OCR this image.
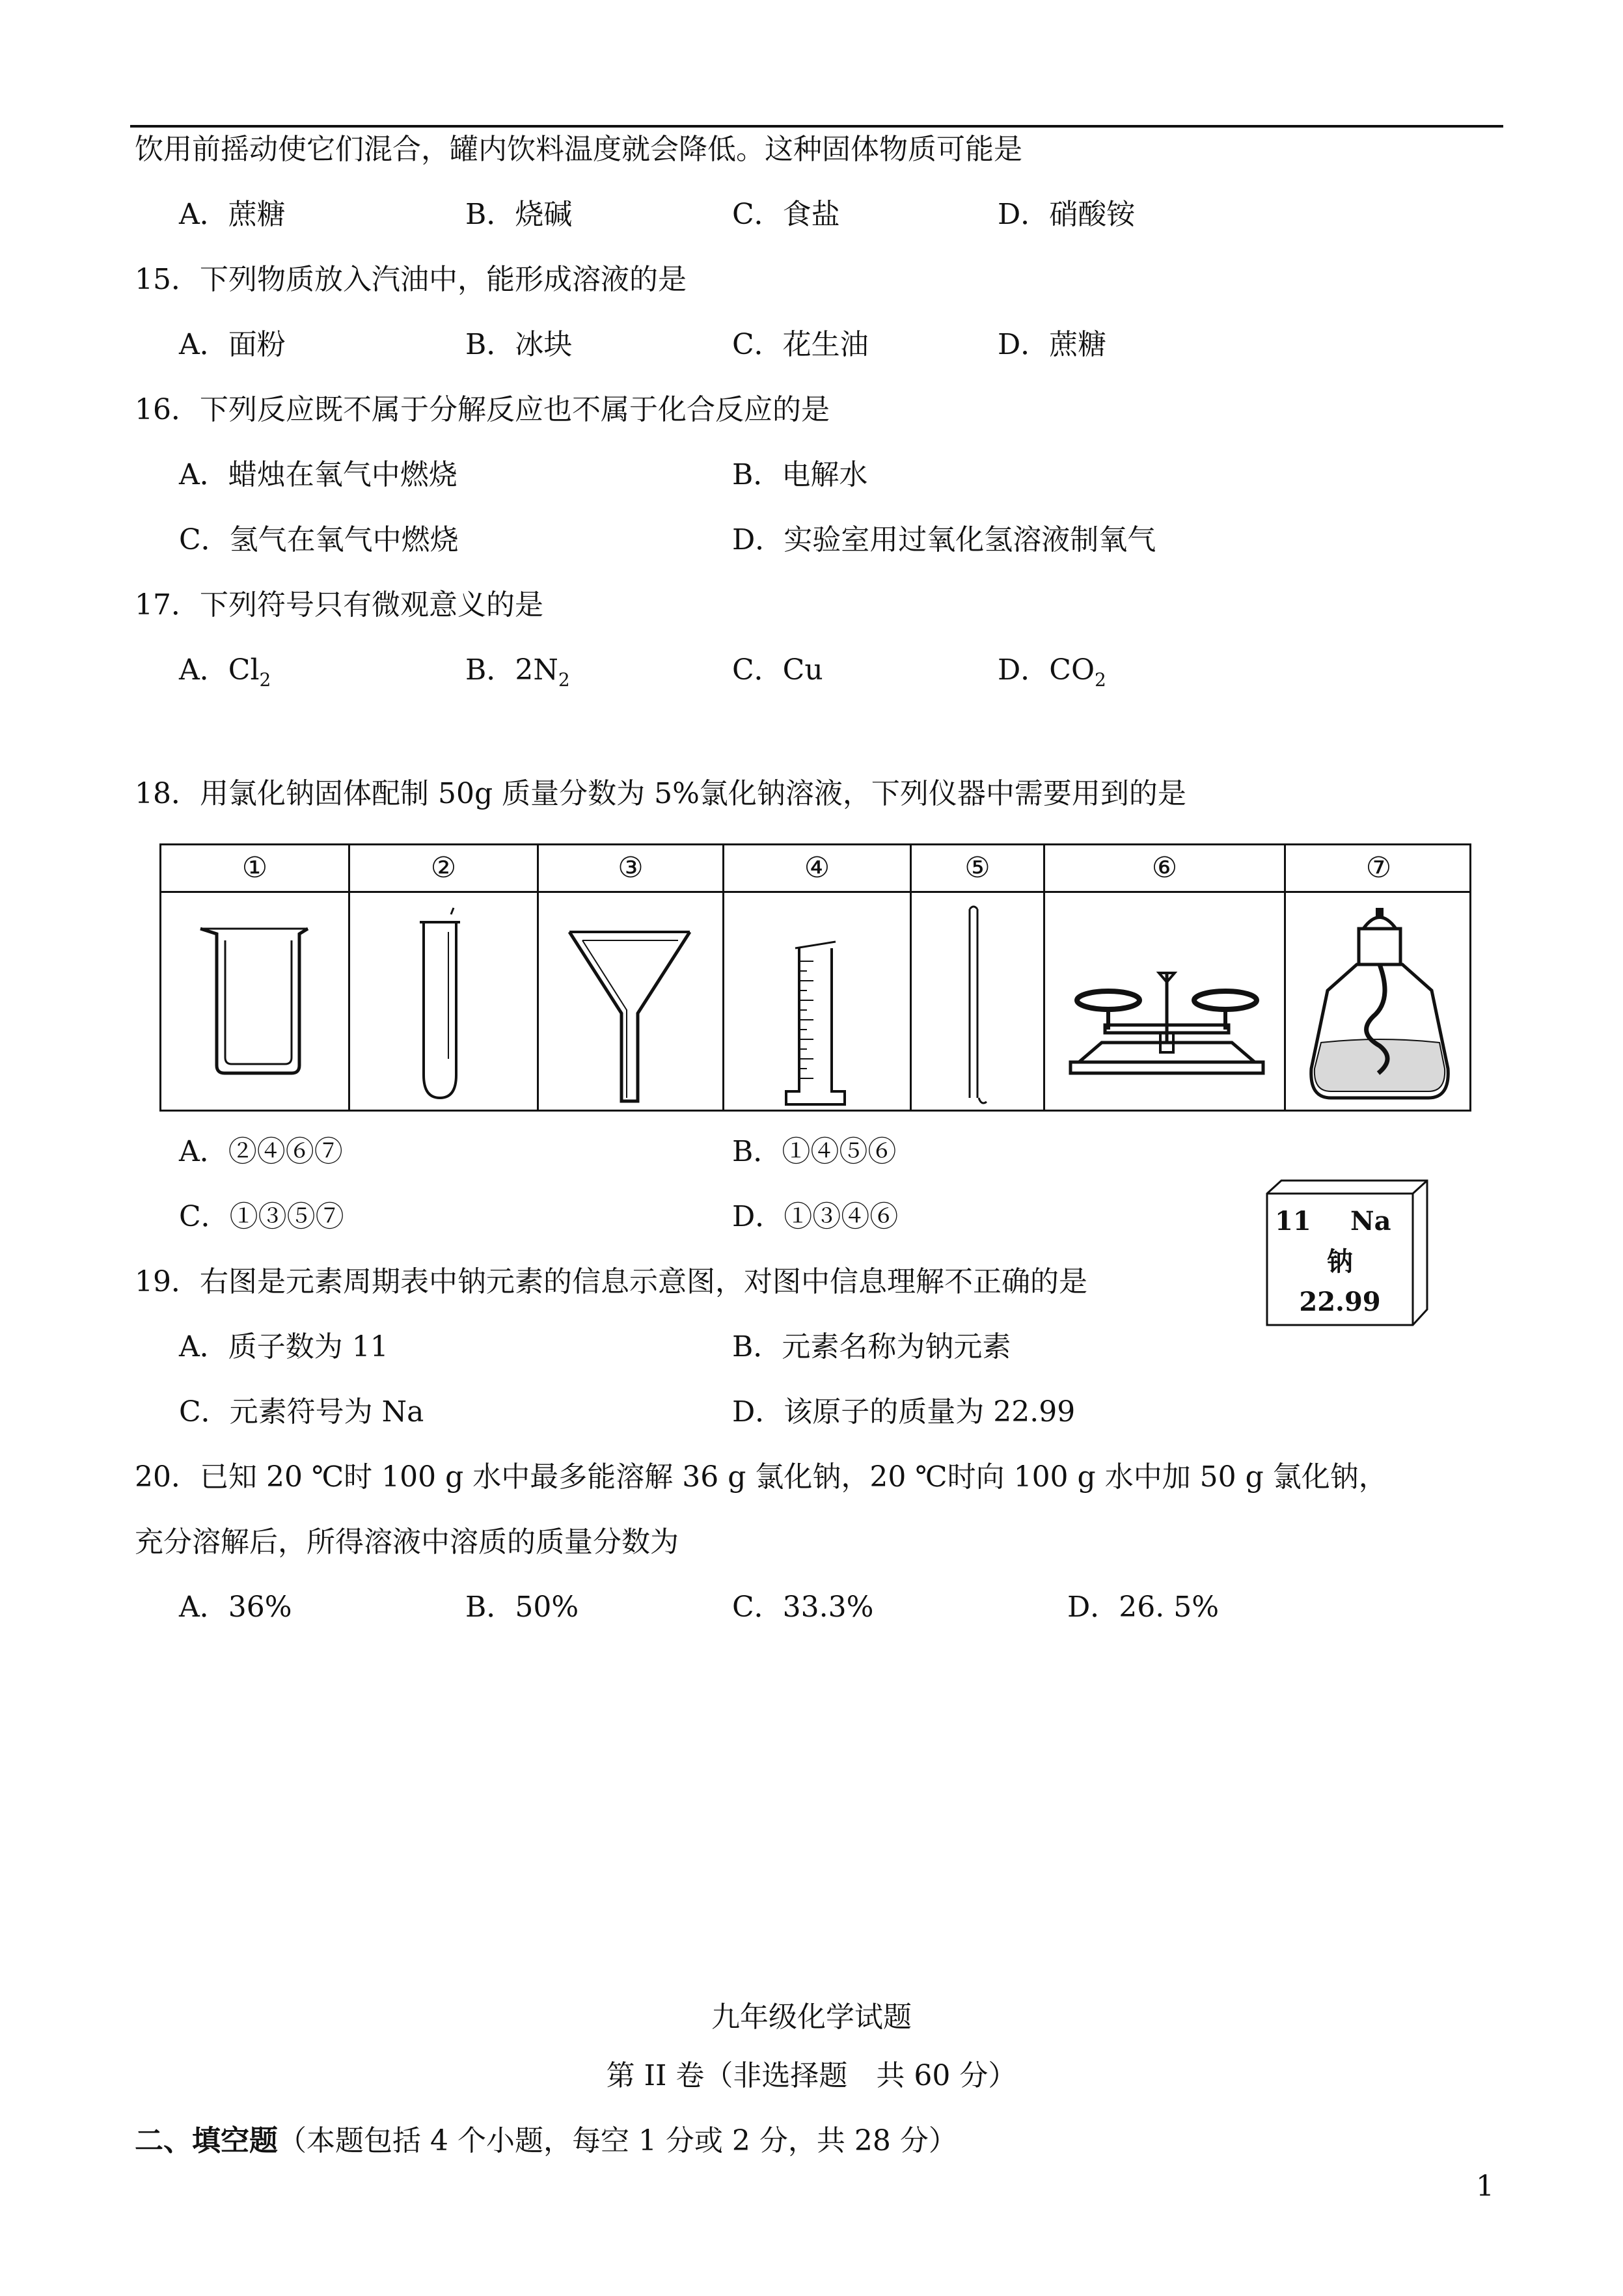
饮用前摇动使它们混合，罐内饮料温度就会降低。这种固体物质可能是
A．蔗糖	B．烧碱	C．食盐	D．硝酸铵
15．下列物质放入汽油中，能形成溶液的是
A．面粉	B．冰块	C．花生油	D．蔗糖
16．下列反应既不属于分解反应也不属于化合反应的是
A．蜡烛在氧气中燃烧	B．电解水
C．氢气在氧气中燃烧	D．实验室用过氧化氢溶液制氧气
17．下列符号只有微观意义的是
A．$Cl_2$	B．$2N_2$	C．Cu	D．$CO_2$
18．用氯化钠固体配制 50g 质量分数为 5%氯化钠溶液，下列仪器中需要用到的是
①	②	③	④	⑤	⑥	⑦
A．②④⑥⑦	B．①④⑤⑥
C．①③⑤⑦	D．①③④⑥	11 Na
钠
22.99
19．右图是元素周期表中钠元素的信息示意图，对图中信息理解不正确的是
A．质子数为 11	B．元素名称为钠元素
C．元素符号为 Na	D．该原子的质量为 22.99
20．已知 20 ℃时 100 g 水中最多能溶解 36 g 氯化钠，20 ℃时向 100 g 水中加 50 g 氯化钠，
充分溶解后，所得溶液中溶质的质量分数为
A．36%	B．50%	C．33.3%	D．26. 5%
九年级化学试题
第 II 卷（非选择题　共 60 分）
二、填空题（本题包括 4 个小题，每空 1 分或 2 分，共 28 分）
1
